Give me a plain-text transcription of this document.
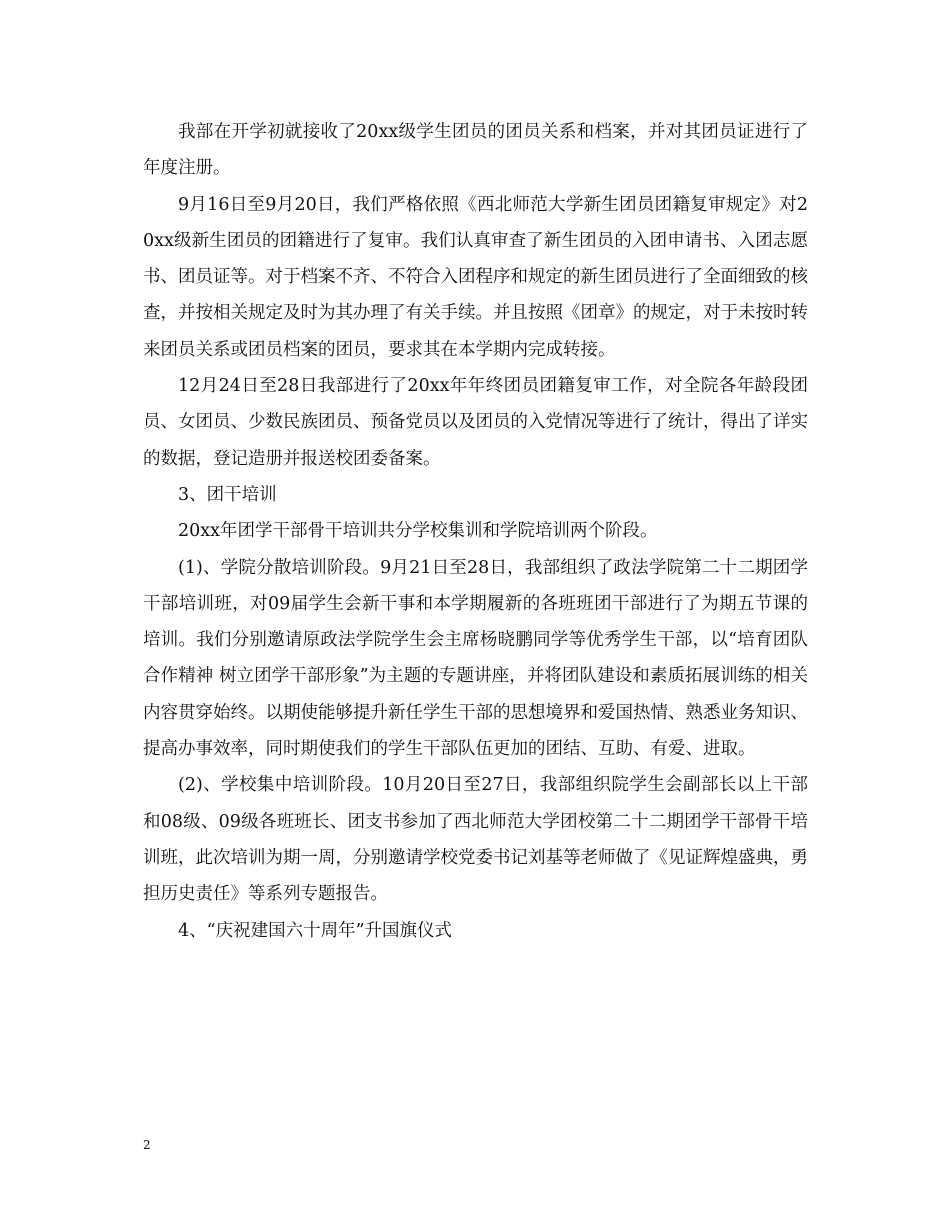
我部在开学初就接收了20xx级学生团员的团员关系和档案，并对其团员证进行了年度注册。

9月16日至9月20日，我们严格依照《西北师范大学新生团员团籍复审规定》对20xx级新生团员的团籍进行了复审。我们认真审查了新生团员的入团申请书、入团志愿书、团员证等。对于档案不齐、不符合入团程序和规定的新生团员进行了全面细致的核查，并按相关规定及时为其办理了有关手续。并且按照《团章》的规定，对于未按时转来团员关系或团员档案的团员，要求其在本学期内完成转接。

12月24日至28日我部进行了20xx年年终团员团籍复审工作，对全院各年龄段团员、女团员、少数民族团员、预备党员以及团员的入党情况等进行了统计，得出了详实的数据，登记造册并报送校团委备案。

3、团干培训

20xx年团学干部骨干培训共分学校集训和学院培训两个阶段。

(1)、学院分散培训阶段。9月21日至28日，我部组织了政法学院第二十二期团学干部培训班，对09届学生会新干事和本学期履新的各班班团干部进行了为期五节课的培训。我们分别邀请原政法学院学生会主席杨晓鹏同学等优秀学生干部，以“培育团队合作精神 树立团学干部形象”为主题的专题讲座，并将团队建设和素质拓展训练的相关内容贯穿始终。以期使能够提升新任学生干部的思想境界和爱国热情、熟悉业务知识、提高办事效率，同时期使我们的学生干部队伍更加的团结、互助、有爱、进取。

(2)、学校集中培训阶段。10月20日至27日，我部组织院学生会副部长以上干部和08级、09级各班班长、团支书参加了西北师范大学团校第二十二期团学干部骨干培训班，此次培训为期一周，分别邀请学校党委书记刘基等老师做了《见证辉煌盛典，勇担历史责任》等系列专题报告。

4、“庆祝建国六十周年”升国旗仪式

2
